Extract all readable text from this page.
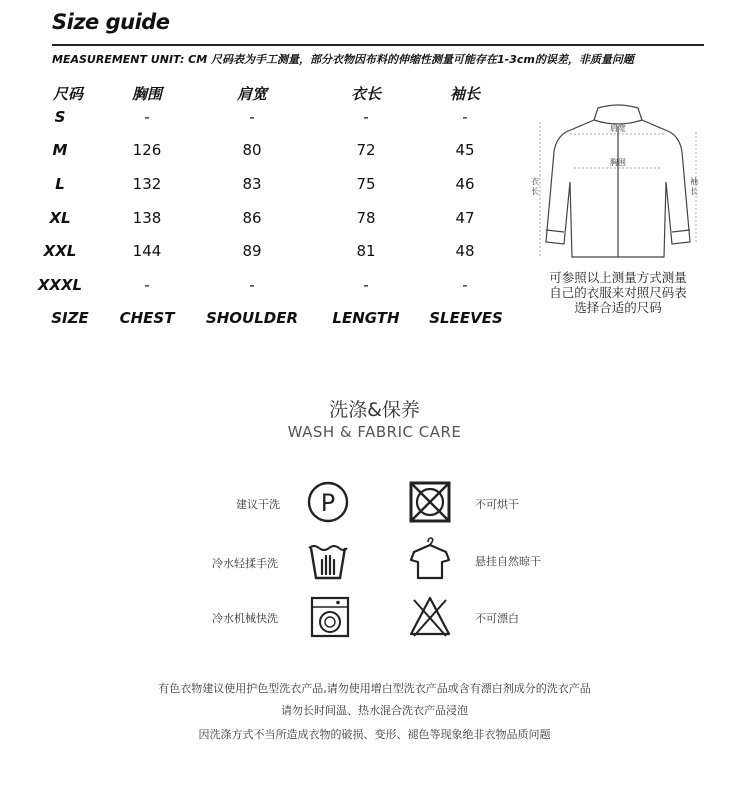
Size guide
MEASUREMENT UNIT: CM 尺码表为手工测量，部分衣物因布料的伸缩性测量可能存在1-3cm的误差，非质量问题
尺码	胸围	肩宽	衣长	袖长
S	-	-	-	-
M	126	80	72	45
L	132	83	75	46
XL	138	86	78	47
XXL	144	89	81	48
XXXL	-	-	-	-
SIZE CHEST SHOULDER LENGTH SLEEVES
肩宽
胸围
衣
长
袖
长
可参照以上测量方式测量
自己的衣服来对照尺码表
选择合适的尺码
洗涤&保养
WASH & FABRIC CARE
建议干洗
冷水轻揉手洗
冷水机械快洗
P	不可烘干
悬挂自然晾干
不可漂白
有色衣物建议使用护色型洗衣产品,请勿使用增白型洗衣产品或含有漂白剂成分的洗衣产品
请勿长时间温、热水混合洗衣产品浸泡
因洗涤方式不当所造成衣物的破损、变形、褪色等现象绝非衣物品质问题
